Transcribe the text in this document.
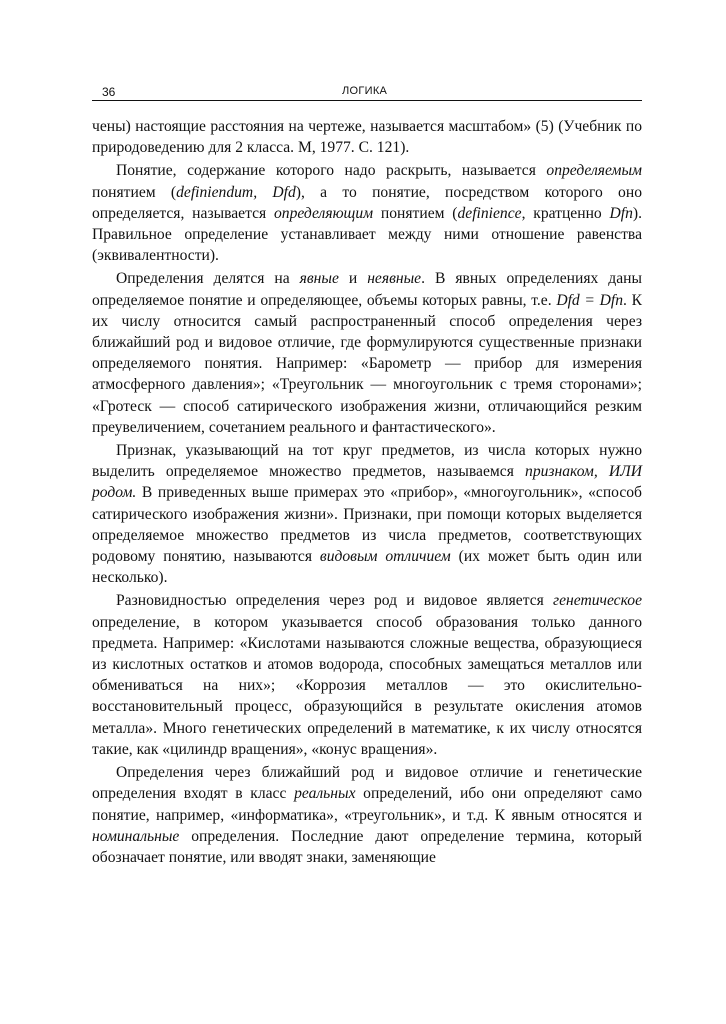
36	ЛОГИКА

чены) настоящие расстояния на чертеже, называется масштабом» (5) (Учебник по природоведению для 2 класса. М, 1977. С. 121).

Понятие, содержание которого надо раскрыть, называется определяемым понятием (definiendum, Dfd), а то понятие, посредством которого оно определяется, называется определяющим понятием (definience, кратценно Dfn). Правильное определение устанавливает между ними отношение равенства (эквивалентности).

Определения делятся на явные и неявные. В явных определениях даны определяемое понятие и определяющее, объемы которых равны, т.е. Dfd = Dfn. К их числу относится самый распространенный способ определения через ближайший род и видовое отличие, где формулируются существенные признаки определяемого понятия. Например: «Барометр — прибор для измерения атмосферного давления»; «Треугольник — многоугольник с тремя сторонами»; «Гротеск — способ сатирического изображения жизни, отличающийся резким преувеличением, сочетанием реального и фантастического».

Признак, указывающий на тот круг предметов, из числа которых нужно выделить определяемое множество предметов, называемся признаком, ИЛИ родом. В приведенных выше примерах это «прибор», «многоугольник», «способ сатирического изображения жизни». Признаки, при помощи которых выделяется определяемое множество предметов из числа предметов, соответствующих родовому понятию, называются видовым отличием (их может быть один или несколько).

Разновидностью определения через род и видовое является генетическое определение, в котором указывается способ образования только данного предмета. Например: «Кислотами называются сложные вещества, образующиеся из кислотных остатков и атомов водорода, способных замещаться металлов или обмениваться на них»; «Коррозия металлов — это окислительно-восстановительный процесс, образующийся в результате окисления атомов металла». Много генетических определений в математике, к их числу относятся такие, как «цилиндр вращения», «конус вращения».

Определения через ближайший род и видовое отличие и генетические определения входят в класс реальных определений, ибо они определяют само понятие, например, «информатика», «треугольник», и т.д. К явным относятся и номинальные определения. Последние дают определение термина, который обозначает понятие, или вводят знаки, заменяющие
